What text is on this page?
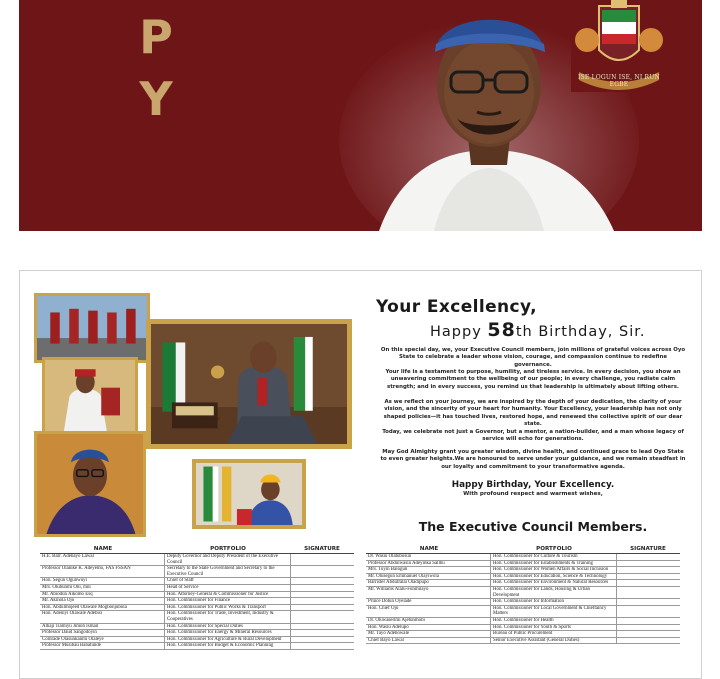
P
Y	ISE LOGUN ISE, NI RUN EGBE
Engr. Seyi Makinde
Your Excellency,
Happy 58th Birthday, Sir.
On this special day, we, your Executive Council members, join millions of grateful voices across Oyo State to celebrate a leader whose vision, courage, and compassion continue to redefine governance.
Your life is a testament to purpose, humility, and tireless service. In every decision, you show an unwavering commitment to the wellbeing of our people; in every challenge, you radiate calm strength; and in every success, you remind us that leadership is ultimately about lifting others.
As we reflect on your journey, we are inspired by the depth of your dedication, the clarity of your vision, and the sincerity of your heart for humanity. Your Excellency, your leadership has not only shaped policies—it has touched lives, restored hope, and renewed the collective spirit of our dear state.
Today, we celebrate not just a Governor, but a mentor, a nation-builder, and a man whose legacy of service will echo for generations.
May God Almighty grant you greater wisdom, divine health, and continued grace to lead Oyo State to even greater heights.We are honoured to serve under your guidance, and we remain steadfast in our loyalty and commitment to your transformative agenda.
Happy Birthday, Your Excellency.
With profound respect and warmest wishes,
The Executive Council Members.
NAME	PORTFOLIO	SIGNATURE
H.E. Barr. Adebayo Lawal	Deputy Governor and Deputy President of the Executive Council
Professor Olanike K. Adeyemo, FAS FSSAN	Secretary to the State Government and Secretary to the Executive Council
Hon. Segun Ogunwuyi	Chief of Staff
Mrs. Olubunmi Oni, mni	Head of Service
Mr. Abiodun Aikomo Esq	Hon. Attorney-General & Commissioner for Justice
Mr. Akinola Ojo	Hon. Commissioner for Finance
Hon. Abdulmojeed Olawale Mogbonjubola	Hon. Commissioner for Public Works & Transport
Hon. Adeniyi Olawale Adebisi	Hon. Commissioner for Trade, Investment, Industry & Cooperatives
Alhaji Tiamiyu Jimoh Ismail	Hon. Commissioner for Special Duties
Professor Daud Sangodoyin	Hon. Commissioner for Energy & Mineral Resources
Comrade Olasunkanmi Olaleye	Hon. Commissioner for Agriculture & Rural Development
Professor Musibau Babatunde	Hon. Commissioner for Budget & Economic Planning
NAME	PORTFOLIO	SIGNATURE
Dr. Wasiu Olatubosun	Hon. Commissioner for Culture & Tourism
Professor Abdulwasiu Adeyinka Sallhu	Hon. Commissioner for Establishments & Training
Mrs. Toyin Balogun	Hon. Commissioner for Women Affairs & Social Inclusion
Mr. Olusegun Emmanuel Olayiwola	Hon. Commissioner for Education, Science & Technology
Barrister Abdulfatai Oladipupo	Hon. Commissioner for Environment & Natural Resources
Mr. Williams Alalu-Funmilayo	Hon. Commissioner for Lands, Housing & Urban Development
Prince Dotun Oyelade	Hon. Commissioner for Information
Hon. Chief Ojo	Hon. Commissioner for Local Government & Chieftaincy Matters
Dr. Oluwaserimi Ajetunmobi	Hon. Commissioner for Health
Hon. Wasiu Adelupo	Hon. Commissioner for Youth & Sports
Mr. Tayo Adebowale	Bureau of Public Procurement
Chief Bayo Lawal	Senior Executive Assistant (General Duties)
